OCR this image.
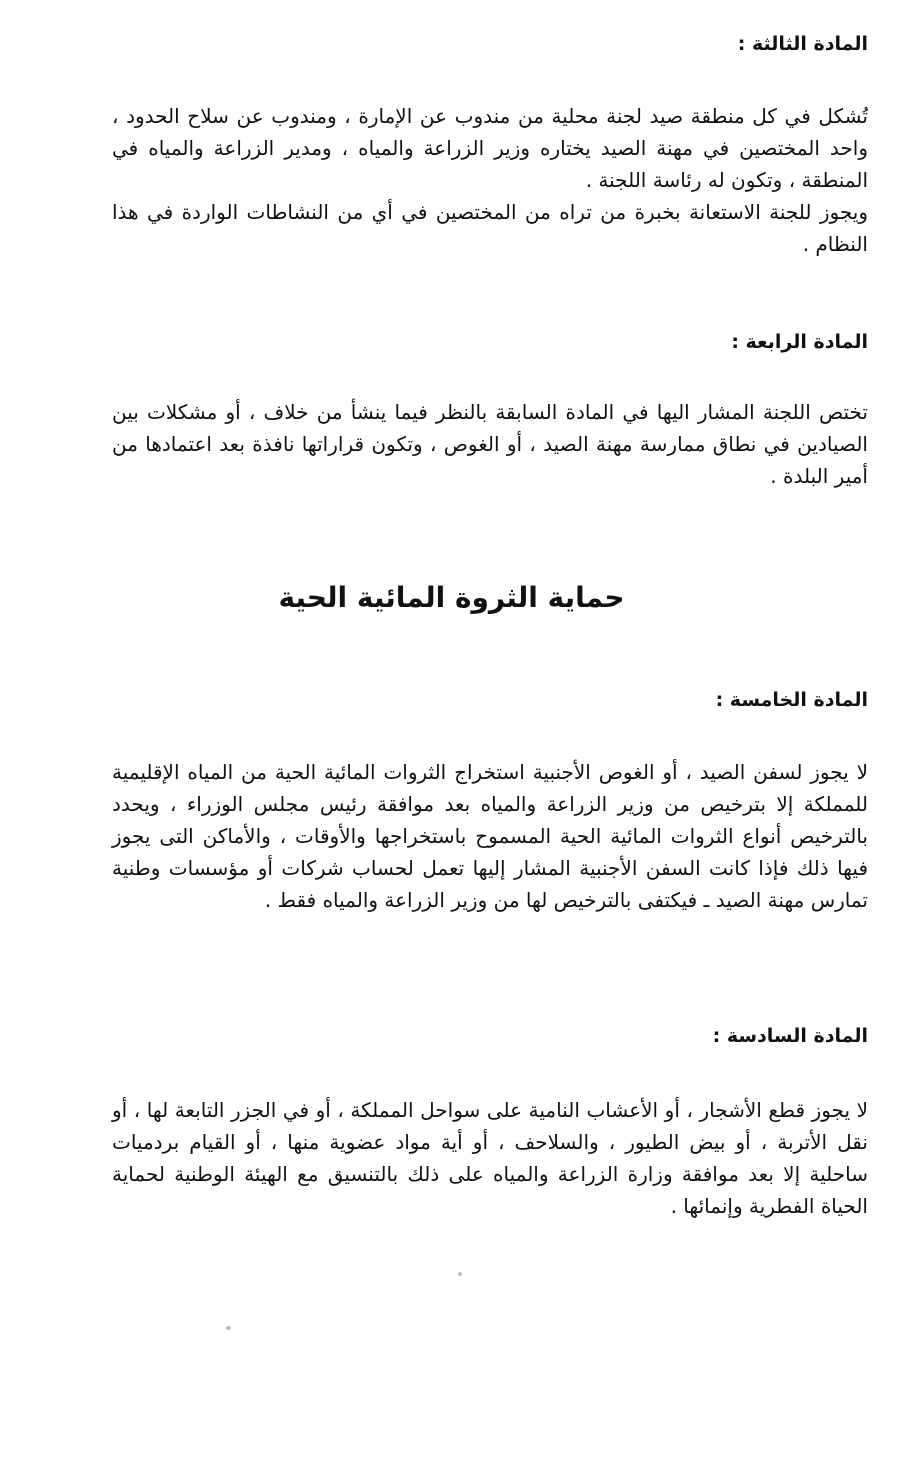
المادة الثالثة :

تُشكل في كل منطقة صيد لجنة محلية من مندوب عن الإمارة ، ومندوب عن سلاح الحدود ، واحد المختصين في مهنة الصيد يختاره وزير الزراعة والمياه ، ومدير الزراعة والمياه في المنطقة ، وتكون له رئاسة اللجنة .

ويجوز للجنة الاستعانة بخبرة من تراه من المختصين في أي من النشاطات الواردة في هذا النظام .

المادة الرابعة :

تختص اللجنة المشار اليها في المادة السابقة بالنظر فيما ينشأ من خلاف ، أو مشكلات بين الصيادين في نطاق ممارسة مهنة الصيد ، أو الغوص ، وتكون قراراتها نافذة بعد اعتمادها من أمير البلدة .

حماية الثروة المائية الحية
المادة الخامسة :

لا يجوز لسفن الصيد ، أو الغوص الأجنبية استخراج الثروات المائية الحية من المياه الإقليمية للمملكة إلا بترخيص من وزير الزراعة والمياه بعد موافقة رئيس مجلس الوزراء ، ويحدد بالترخيص أنواع الثروات المائية الحية المسموح باستخراجها والأوقات ، والأماكن التى يجوز فيها ذلك فإذا كانت السفن الأجنبية المشار إليها تعمل لحساب شركات أو مؤسسات وطنية تمارس مهنة الصيد ـ فيكتفى بالترخيص لها من وزير الزراعة والمياه فقط .

المادة السادسة :

لا يجوز قطع الأشجار ، أو الأعشاب النامية على سواحل المملكة ، أو في الجزر التابعة لها ، أو نقل الأتربة ، أو بيض الطيور ، والسلاحف ، أو أية مواد عضوية منها ، أو القيام بردميات ساحلية إلا بعد موافقة وزارة الزراعة والمياه على ذلك بالتنسيق مع الهيئة الوطنية لحماية الحياة الفطرية وإنمائها .
